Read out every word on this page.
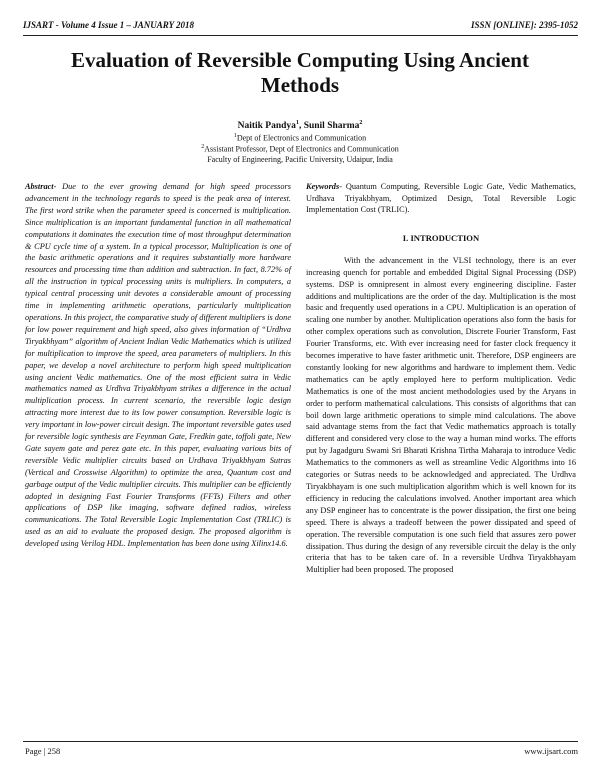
IJSART - Volume 4 Issue 1 – JANUARY 2018	ISSN [ONLINE]: 2395-1052
Evaluation of Reversible Computing Using Ancient
Methods
Naitik Pandya$^1$, Sunil Sharma$^2$
$^1$Dept of Electronics and Communication
$^2$Assistant Professor, Dept of Electronics and Communication
Faculty of Engineering, Pacific University, Udaipur, India

Abstract- Due to the ever growing demand for high speed processors advancement in the technology regards to speed is the peak area of interest. The first word strike when the parameter speed is concerned is multiplication. Since multiplication is an important fundamental function in all mathematical computations it dominates the execution time of most throughput determination & CPU cycle time of a system. In a typical processor, Multiplication is one of the basic arithmetic operations and it requires substantially more hardware resources and processing time than addition and subtraction. In fact, 8.72% of all the instruction in typical processing units is multipliers. In computers, a typical central processing unit devotes a considerable amount of processing time in implementing arithmetic operations, particularly multiplication operations. In this project, the comparative study of different multipliers is done for low power requirement and high speed, also gives information of “Urdhva Tiryakbhyam” algorithm of Ancient Indian Vedic Mathematics which is utilized for multiplication to improve the speed, area parameters of multipliers. In this paper, we develop a novel architecture to perform high speed multiplication using ancient Vedic mathematics. One of the most efficient sutra in Vedic mathematics named as Urdhva Triyakbhyam strikes a difference in the actual multiplication process. In current scenario, the reversible logic design attracting more interest due to its low power consumption. Reversible logic is very important in low-power circuit design. The important reversible gates used for reversible logic synthesis are Feynman Gate, Fredkin gate, toffoli gate, New Gate sayem gate and perez gate etc. In this paper, evaluating various bits of reversible Vedic multiplier circuits based on Urdhava Triyakbhyam Sutras (Vertical and Crosswise Algorithm) to optimize the area, Quantum cost and garbage output of the Vedic multiplier circuits. This multiplier can be efficiently adopted in designing Fast Fourier Transforms (FFTs) Filters and other applications of DSP like imaging, software defined radios, wireless communications. The Total Reversible Logic Implementation Cost (TRLIC) is used as an aid to evaluate the proposed design. The proposed algorithm is developed using Verilog HDL. Implementation has been done using Xilinx14.6.

Keywords- Quantum Computing, Reversible Logic Gate, Vedic Mathematics, Urdhava Triyakbhyam, Optimized Design, Total Reversible Logic Implementation Cost (TRLIC).

I. INTRODUCTION

With the advancement in the VLSI technology, there is an ever increasing quench for portable and embedded Digital Signal Processing (DSP) systems. DSP is omnipresent in almost every engineering discipline. Faster additions and multiplications are the order of the day. Multiplication is the most basic and frequently used operations in a CPU. Multiplication is an operation of scaling one number by another. Multiplication operations also form the basis for other complex operations such as convolution, Discrete Fourier Transform, Fast Fourier Transforms, etc. With ever increasing need for faster clock frequency it becomes imperative to have faster arithmetic unit. Therefore, DSP engineers are constantly looking for new algorithms and hardware to implement them. Vedic mathematics can be aptly employed here to perform multiplication. Vedic Mathematics is one of the most ancient methodologies used by the Aryans in order to perform mathematical calculations. This consists of algorithms that can boil down large arithmetic operations to simple mind calculations. The above said advantage stems from the fact that Vedic mathematics approach is totally different and considered very close to the way a human mind works. The efforts put by Jagadguru Swami Sri Bharati Krishna Tirtha Maharaja to introduce Vedic Mathematics to the commoners as well as streamline Vedic Algorithms into 16 categories or Sutras needs to be acknowledged and appreciated. The Urdhva Tiryakbhayam is one such multiplication algorithm which is well known for its efficiency in reducing the calculations involved. Another important area which any DSP engineer has to concentrate is the power dissipation, the first one being speed. There is always a tradeoff between the power dissipated and speed of operation. The reversible computation is one such field that assures zero power dissipation. Thus during the design of any reversible circuit the delay is the only criteria that has to be taken care of. In a reversible Urdhva Tiryakbhayam Multiplier had been proposed. The proposed

Page | 258	www.ijsart.com
